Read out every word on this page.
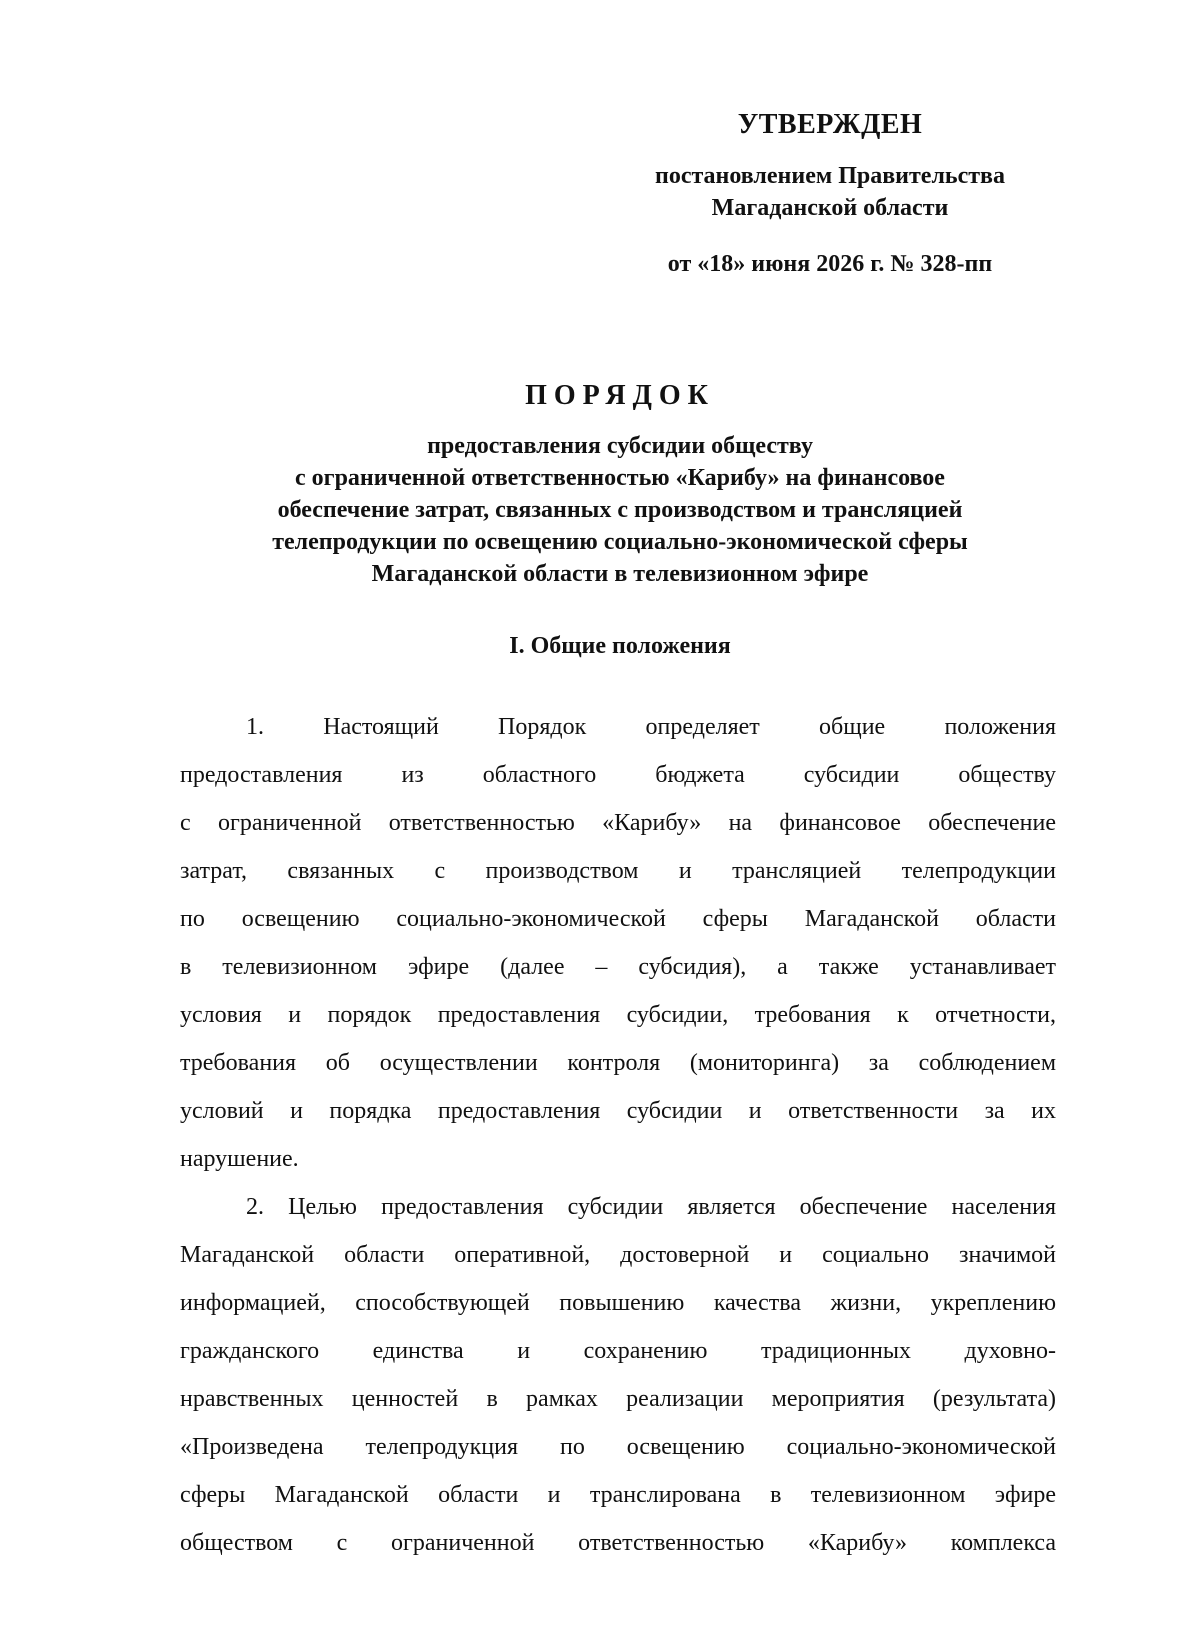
УТВЕРЖДЕН
постановлением Правительства
Магаданской области
от «18» июня 2026 г. № 328-пп
ПОРЯДОК
предоставления субсидии обществу
с ограниченной ответственностью «Карибу» на финансовое
обеспечение затрат, связанных с производством и трансляцией
телепродукции по освещению социально-экономической сферы
Магаданской области в телевизионном эфире
I. Общие положения
1. Настоящий Порядок определяет общие положения
предоставления из областного бюджета субсидии обществу
с ограниченной ответственностью «Карибу» на финансовое обеспечение
затрат, связанных с производством и трансляцией телепродукции
по освещению социально-экономической сферы Магаданской области
в телевизионном эфире (далее – субсидия), а также устанавливает
условия и порядок предоставления субсидии, требования к отчетности,
требования об осуществлении контроля (мониторинга) за соблюдением
условий и порядка предоставления субсидии и ответственности за их
нарушение.
2. Целью предоставления субсидии является обеспечение населения
Магаданской области оперативной, достоверной и социально значимой
информацией, способствующей повышению качества жизни, укреплению
гражданского единства и сохранению традиционных духовно-
нравственных ценностей в рамках реализации мероприятия (результата)
«Произведена телепродукция по освещению социально-экономической
сферы Магаданской области и транслирована в телевизионном эфире
обществом с ограниченной ответственностью «Карибу» комплекса
